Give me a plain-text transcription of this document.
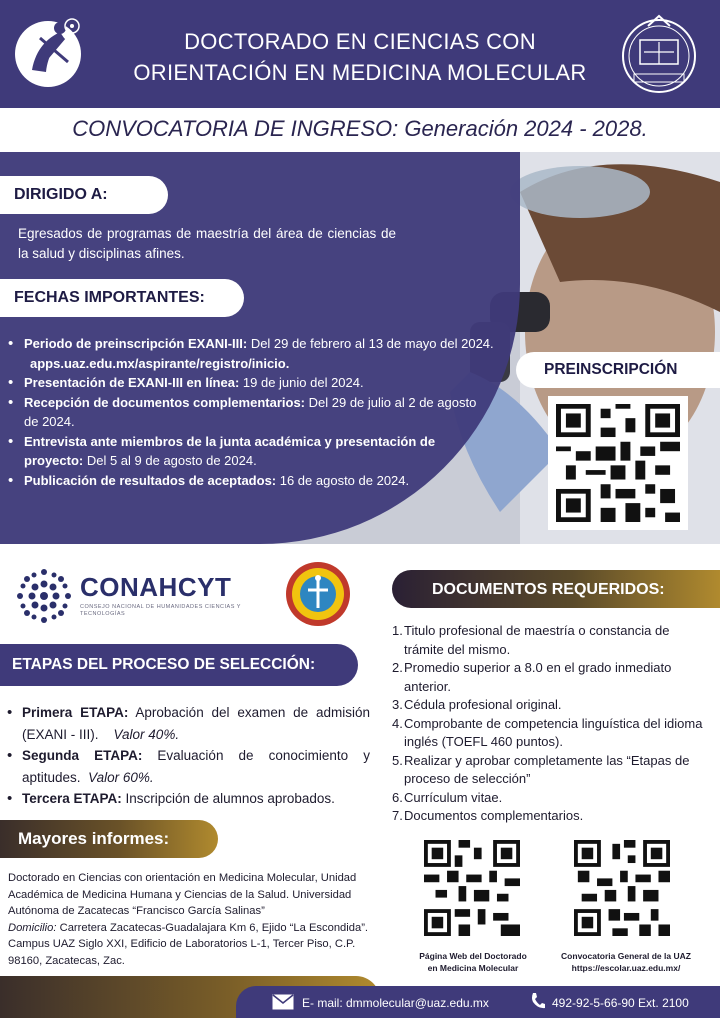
DOCTORADO EN CIENCIAS CON
ORIENTACIÓN EN MEDICINA MOLECULAR
CONVOCATORIA DE INGRESO: Generación 2024 - 2028.
DIRIGIDO A:
Egresados de programas de maestría del área de ciencias de la salud y disciplinas afines.
FECHAS IMPORTANTES:
• Periodo de preinscripción EXANI-III: Del 29 de febrero al 13 de mayo del 2024.
apps.uaz.edu.mx/aspirante/registro/inicio.
• Presentación de EXANI-III en línea: 19 de junio del 2024.
• Recepción de documentos complementarios: Del 29 de julio al 2 de agosto de 2024.
• Entrevista ante miembros de la junta académica y presentación de proyecto: Del 5 al 9 de agosto de 2024.
• Publicación de resultados de aceptados: 16 de agosto de 2024.
PREINSCRIPCIÓN
CONAHCYT
CONSEJO NACIONAL DE HUMANIDADES CIENCIAS Y TECNOLOGÍAS
DOCUMENTOS REQUERIDOS:
1. Titulo profesional de maestría o constancia de trámite del mismo.
2. Promedio superior a 8.0 en el grado inmediato anterior.
3. Cédula profesional original.
4. Comprobante de competencia linguística del idioma inglés (TOEFL 460 puntos).
5. Realizar y aprobar completamente las “Etapas de proceso de selección”
6. Currículum vitae.
7. Documentos complementarios.
ETAPAS DEL PROCESO DE SELECCIÓN:
• Primera ETAPA: Aprobación del examen de admisión (EXANI - III). Valor 40%.
• Segunda ETAPA: Evaluación de conocimiento y aptitudes. Valor 60%.
• Tercera ETAPA: Inscripción de alumnos aprobados.
Mayores informes:
Doctorado en Ciencias con orientación en Medicina Molecular, Unidad Académica de Medicina Humana y Ciencias de la Salud. Universidad Autónoma de Zacatecas “Francisco García Salinas”
Domicilio: Carretera Zacatecas-Guadalajara Km 6, Ejido “La Escondida”. Campus UAZ Siglo XXI, Edificio de Laboratorios L-1, Tercer Piso, C.P. 98160, Zacatecas, Zac.	Página Web del Doctorado
en Medicina Molecular
Convocatoria General de la UAZ
https://escolar.uaz.edu.mx/
E- mail: dmmolecular@uaz.edu.mx	492-92-5-66-90 Ext. 2100
